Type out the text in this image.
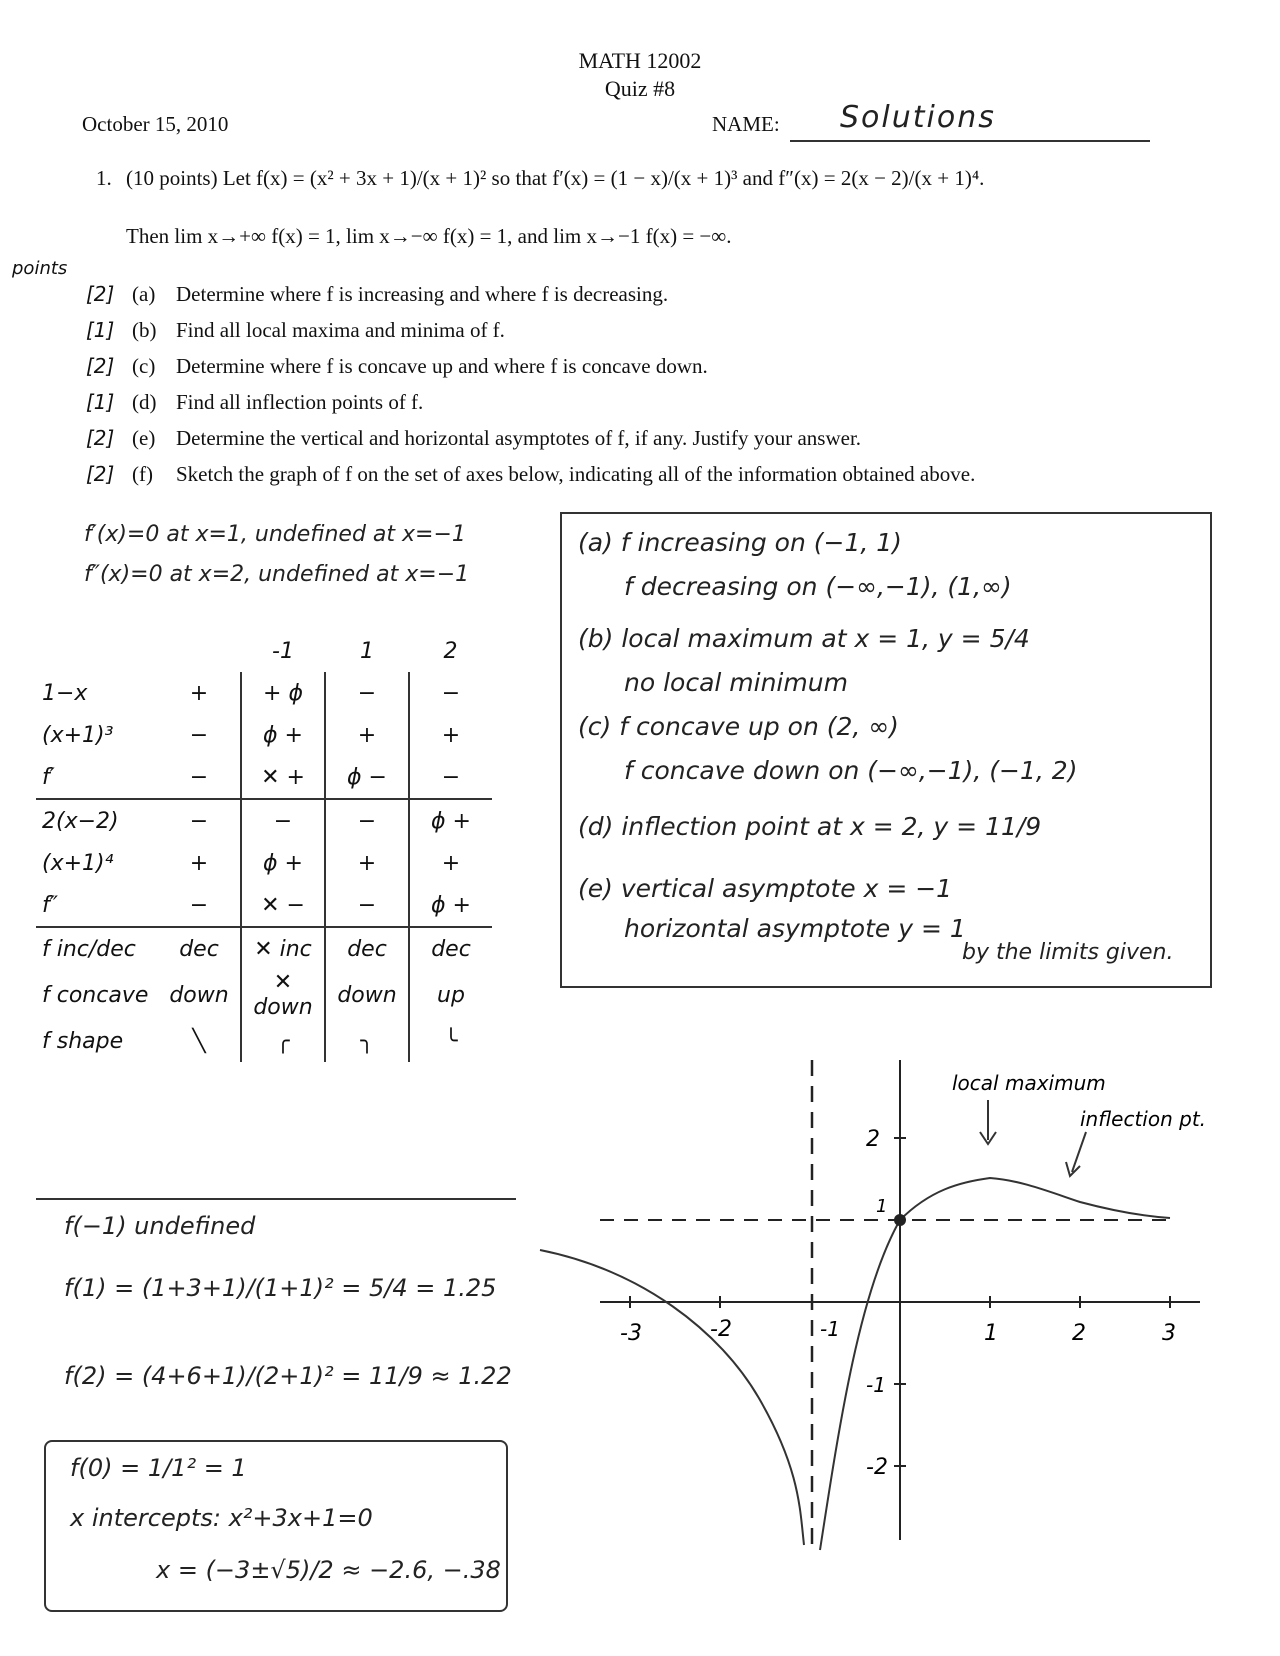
MATH 12002
Quiz #8
October 15, 2010	NAME: Solutions
1. (10 points) Let f(x) = (x² + 3x + 1)/(x + 1)² so that f′(x) = (1 − x)/(x + 1)³ and f″(x) = 2(x − 2)/(x + 1)⁴.
Then lim x→+∞ f(x) = 1, lim x→−∞ f(x) = 1, and lim x→−1 f(x) = −∞.
points
[2] (a) Determine where f is increasing and where f is decreasing.
[1] (b) Find all local maxima and minima of f.
[2] (c) Determine where f is concave up and where f is concave down.
[1] (d) Find all inflection points of f.
[2] (e) Determine the vertical and horizontal asymptotes of f, if any. Justify your answer.
[2] (f) Sketch the graph of f on the set of axes below, indicating all of the information obtained above.
f′(x)=0 at x=1, undefined at x=−1
f″(x)=0 at x=2, undefined at x=−1
		-1	1	2
1−x	+	+ ϕ	−	−
(x+1)³	−	ϕ +	+	+
f′	−	✕ +	ϕ −	−
2(x−2)	−	−	−	ϕ +
(x+1)⁴	+	ϕ +	+	+
f″	−	✕ −	−	ϕ +
f inc/dec	dec	✕ inc	dec	dec
f concave	down	✕ down	down	up
f shape	╲	╭	╮	╰
f(−1) undefined
f(1) = (1+3+1)/(1+1)² = 5/4 = 1.25
f(2) = (4+6+1)/(2+1)² = 11/9 ≈ 1.22
f(0) = 1/1² = 1
x intercepts: x²+3x+1=0
x = (−3±√5)/2 ≈ −2.6, −.38
(a) f increasing on (−1, 1)
f decreasing on (−∞,−1), (1,∞)
(b) local maximum at x = 1, y = 5/4
no local minimum
(c) f concave up on (2, ∞)
f concave down on (−∞,−1), (−1, 2)
(d) inflection point at x = 2, y = 11/9
(e) vertical asymptote x = −1
horizontal asymptote y = 1
by the limits given.
-3	-2	-1	1	2	3
2
1
-1
-2
local maximum
inflection pt.
